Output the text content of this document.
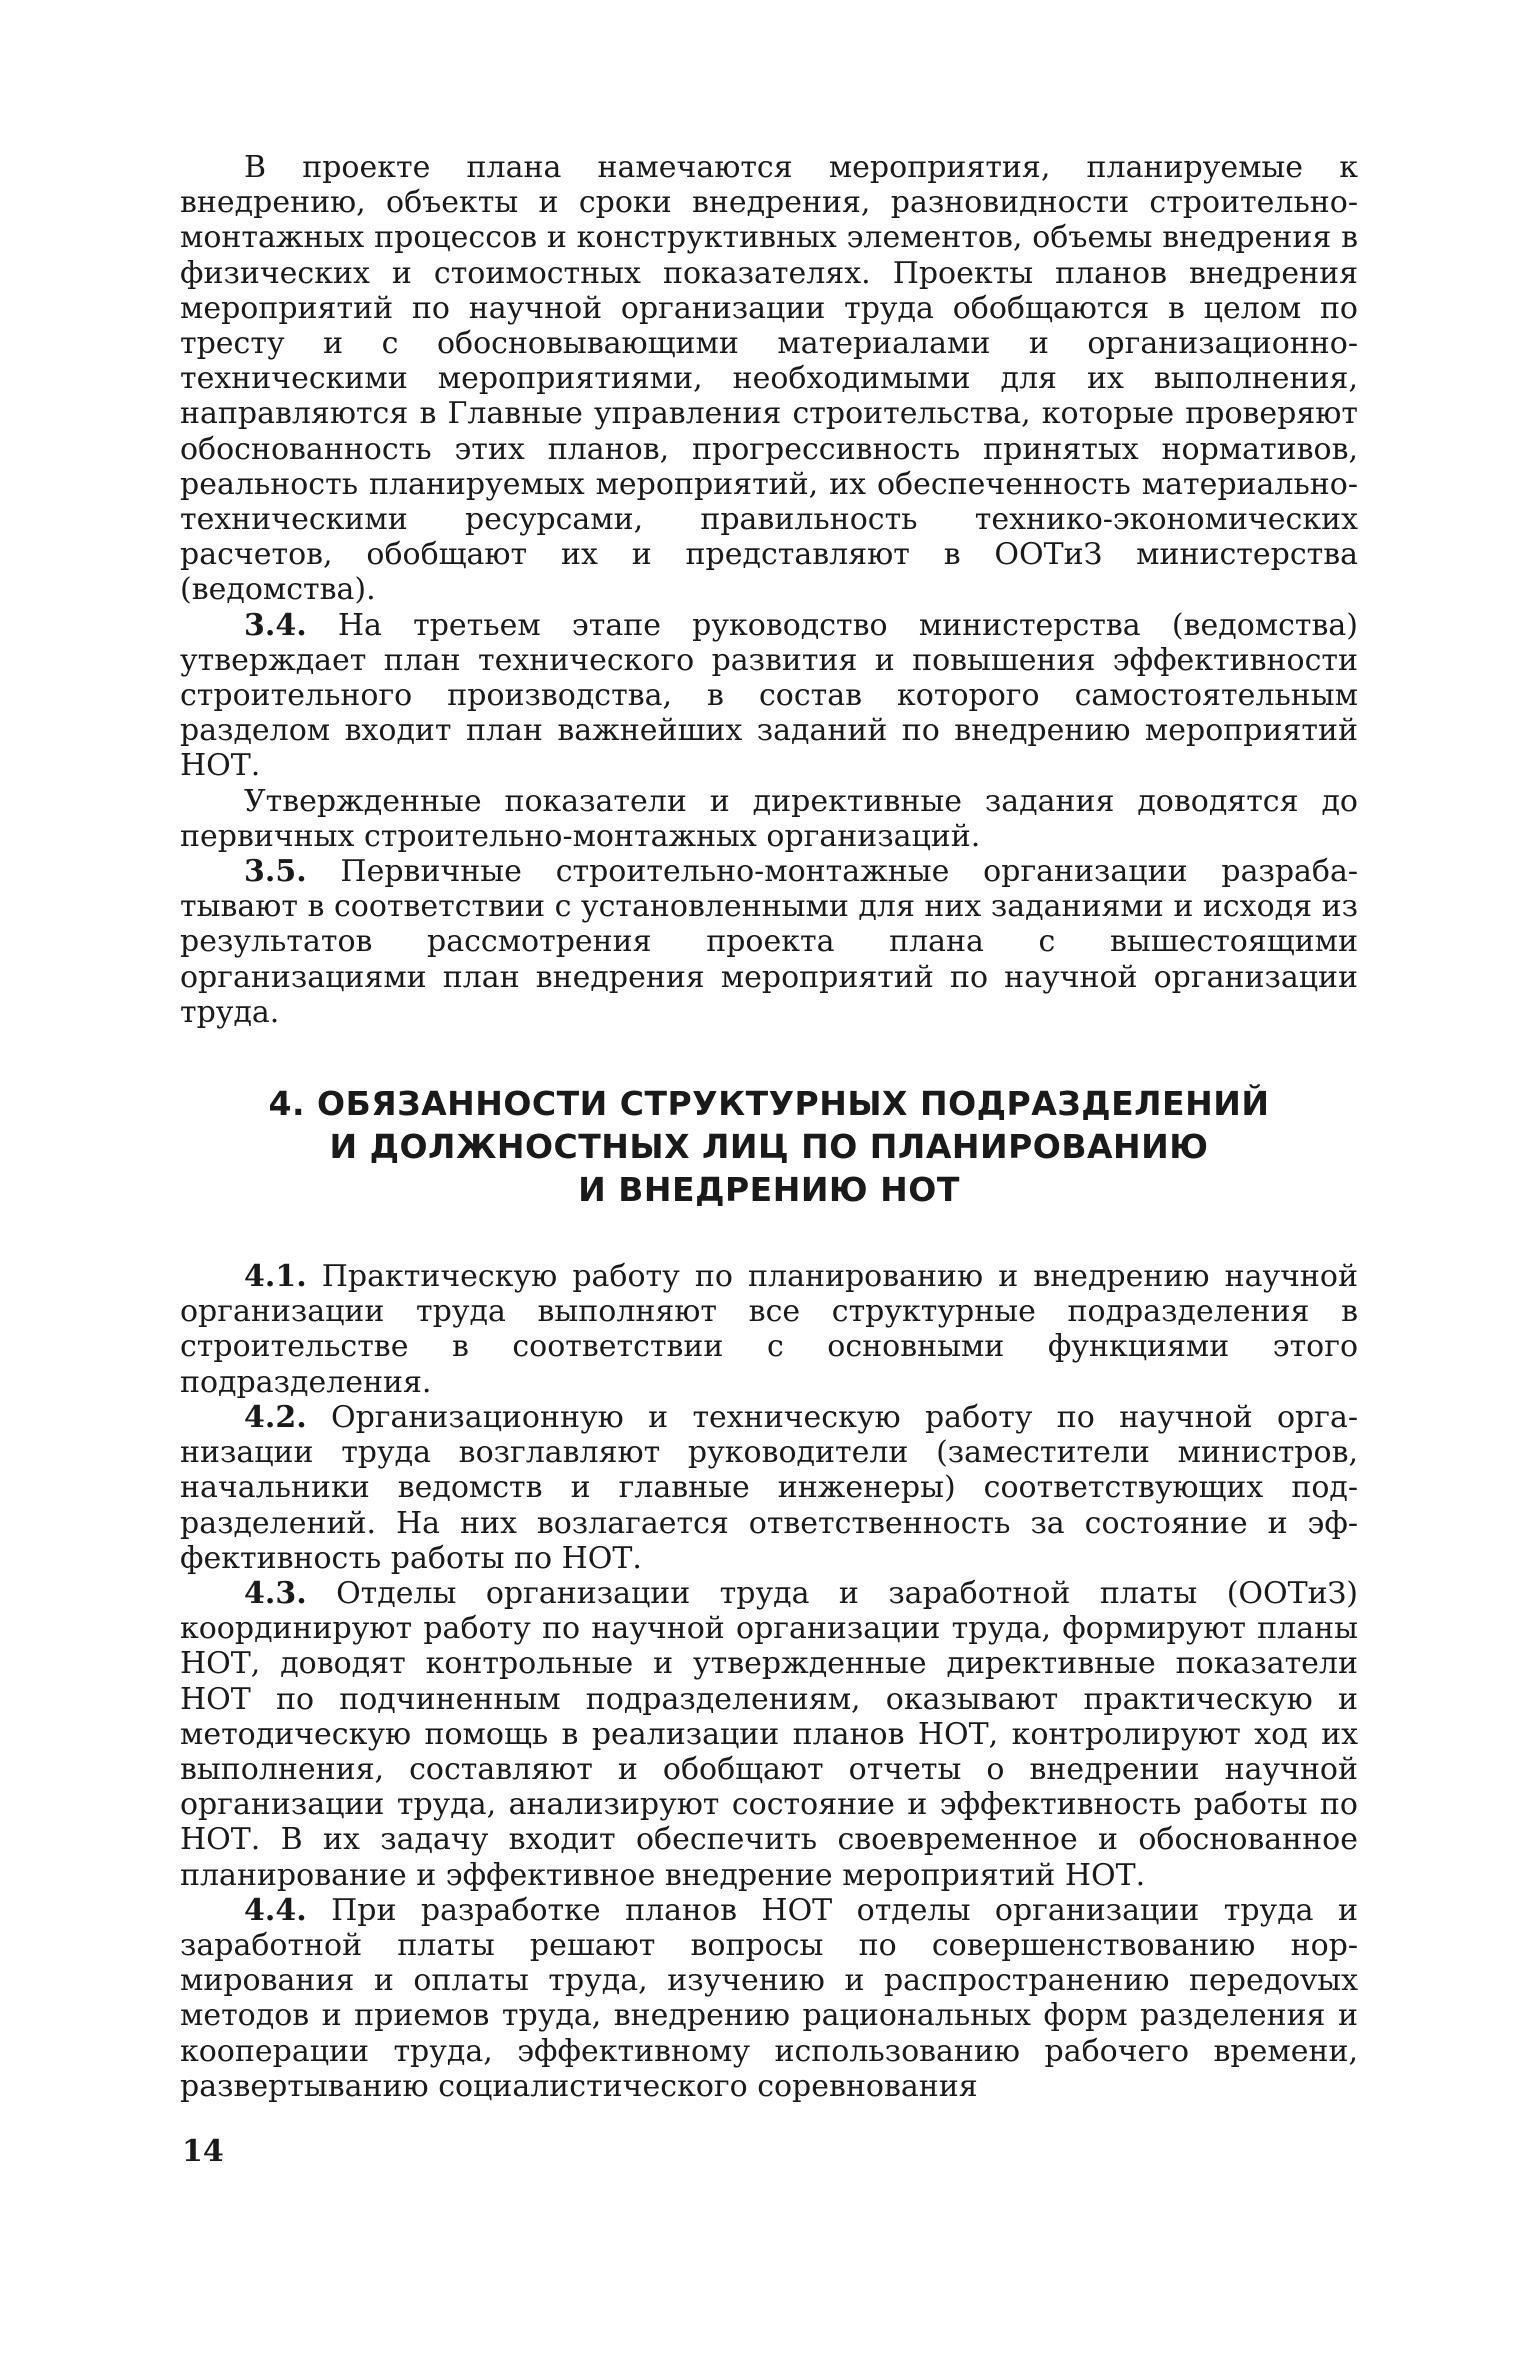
В проекте плана намечаются мероприятия, планируемые к внедрению, объекты и сроки внедрения, разновидности строительно-монтажных процессов и конструктивных элементов, объемы внедрения в физических и стоимостных показателях. Проекты планов внедрения мероприятий по научной организации труда обобщаются в целом по тресту и с обосновывающими материалами и организационно-техническими мероприятиями, необходимыми для их выполнения, направляются в Главные управления строительства, которые проверяют обоснованность этих планов, прогрессивность принятых нормативов, реальность планируемых мероприятий, их обеспеченность материально-техническими ресурсами, правильность технико-экономических расчетов, обобщают их и представляют в ООТиЗ министерства (ведомства).

3.4. На третьем этапе руководство министерства (ведомства) утверждает план технического развития и повышения эффективности строительного производства, в состав которого самостоятельным разделом входит план важнейших заданий по внедрению мероприятий НОТ.

Утвержденные показатели и директивные задания доводятся до первичных строительно-монтажных организаций.

3.5. Первичные строительно-монтажные организации разрабатывают в соответствии с установленными для них заданиями и исходя из результатов рассмотрения проекта плана с вышестоящими организациями план внедрения мероприятий по научной организации труда.

4. ОБЯЗАННОСТИ СТРУКТУРНЫХ ПОДРАЗДЕЛЕНИЙ
И ДОЛЖНОСТНЫХ ЛИЦ ПО ПЛАНИРОВАНИЮ
И ВНЕДРЕНИЮ НОТ

4.1. Практическую работу по планированию и внедрению научной организации труда выполняют все структурные подразделения в строительстве в соответствии с основными функциями этого подразделения.

4.2. Организационную и техническую работу по научной организации труда возглавляют руководители (заместители министров, начальники ведомств и главные инженеры) соответствующих подразделений. На них возлагается ответственность за состояние и эффективность работы по НОТ.

4.3. Отделы организации труда и заработной платы (ООТиЗ) координируют работу по научной организации труда, формируют планы НОТ, доводят контрольные и утвержденные директивные показатели НОТ по подчиненным подразделениям, оказывают практическую и методическую помощь в реализации планов НОТ, контролируют ход их выполнения, составляют и обобщают отчеты о внедрении научной организации труда, анализируют состояние и эффективность работы по НОТ. В их задачу входит обеспечить своевременное и обоснованное планирование и эффективное внедрение мероприятий НОТ.

4.4. При разработке планов НОТ отделы организации труда и заработной платы решают вопросы по совершенствованию нормирования и оплаты труда, изучению и распространению передоvых методов и приемов труда, внедрению рациональных форм разделения и кооперации труда, эффективному использованию рабочего времени, развертыванию социалистического соревнования

14
